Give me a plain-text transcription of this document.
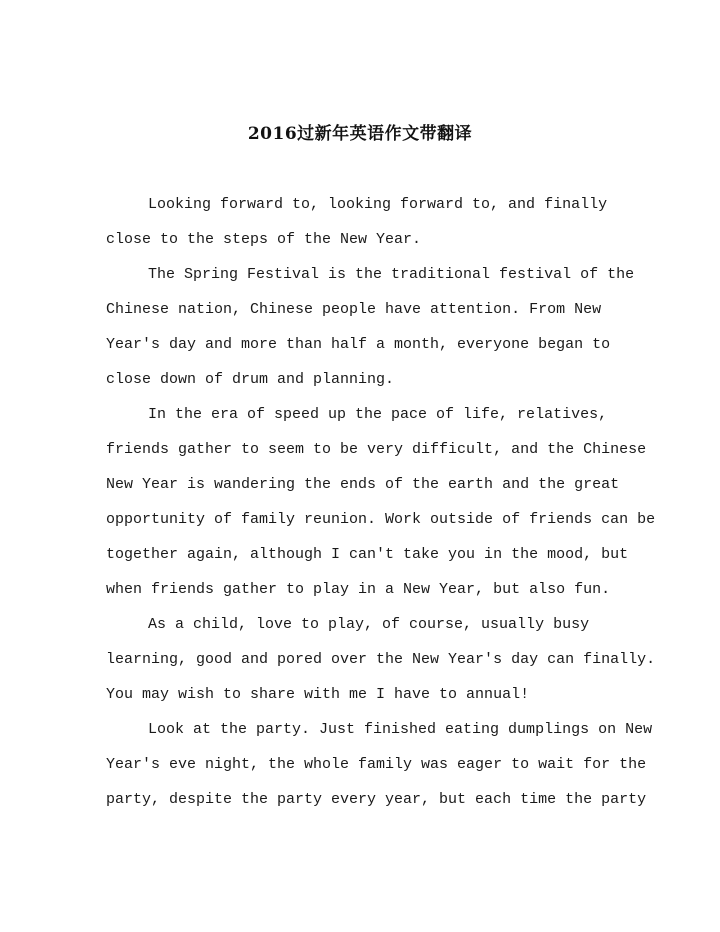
2016过新年英语作文带翻译
Looking forward to, looking forward to, and finally
close to the steps of the New Year.
The Spring Festival is the traditional festival of the
Chinese nation, Chinese people have attention. From New
Year's day and more than half a month, everyone began to
close down of drum and planning.
In the era of speed up the pace of life, relatives,
friends gather to seem to be very difficult, and the Chinese
New Year is wandering the ends of the earth and the great
opportunity of family reunion. Work outside of friends can be
together again, although I can't take you in the mood, but
when friends gather to play in a New Year, but also fun.
As a child, love to play, of course, usually busy
learning, good and pored over the New Year's day can finally.
You may wish to share with me I have to annual!
Look at the party. Just finished eating dumplings on New
Year's eve night, the whole family was eager to wait for the
party, despite the party every year, but each time the party
